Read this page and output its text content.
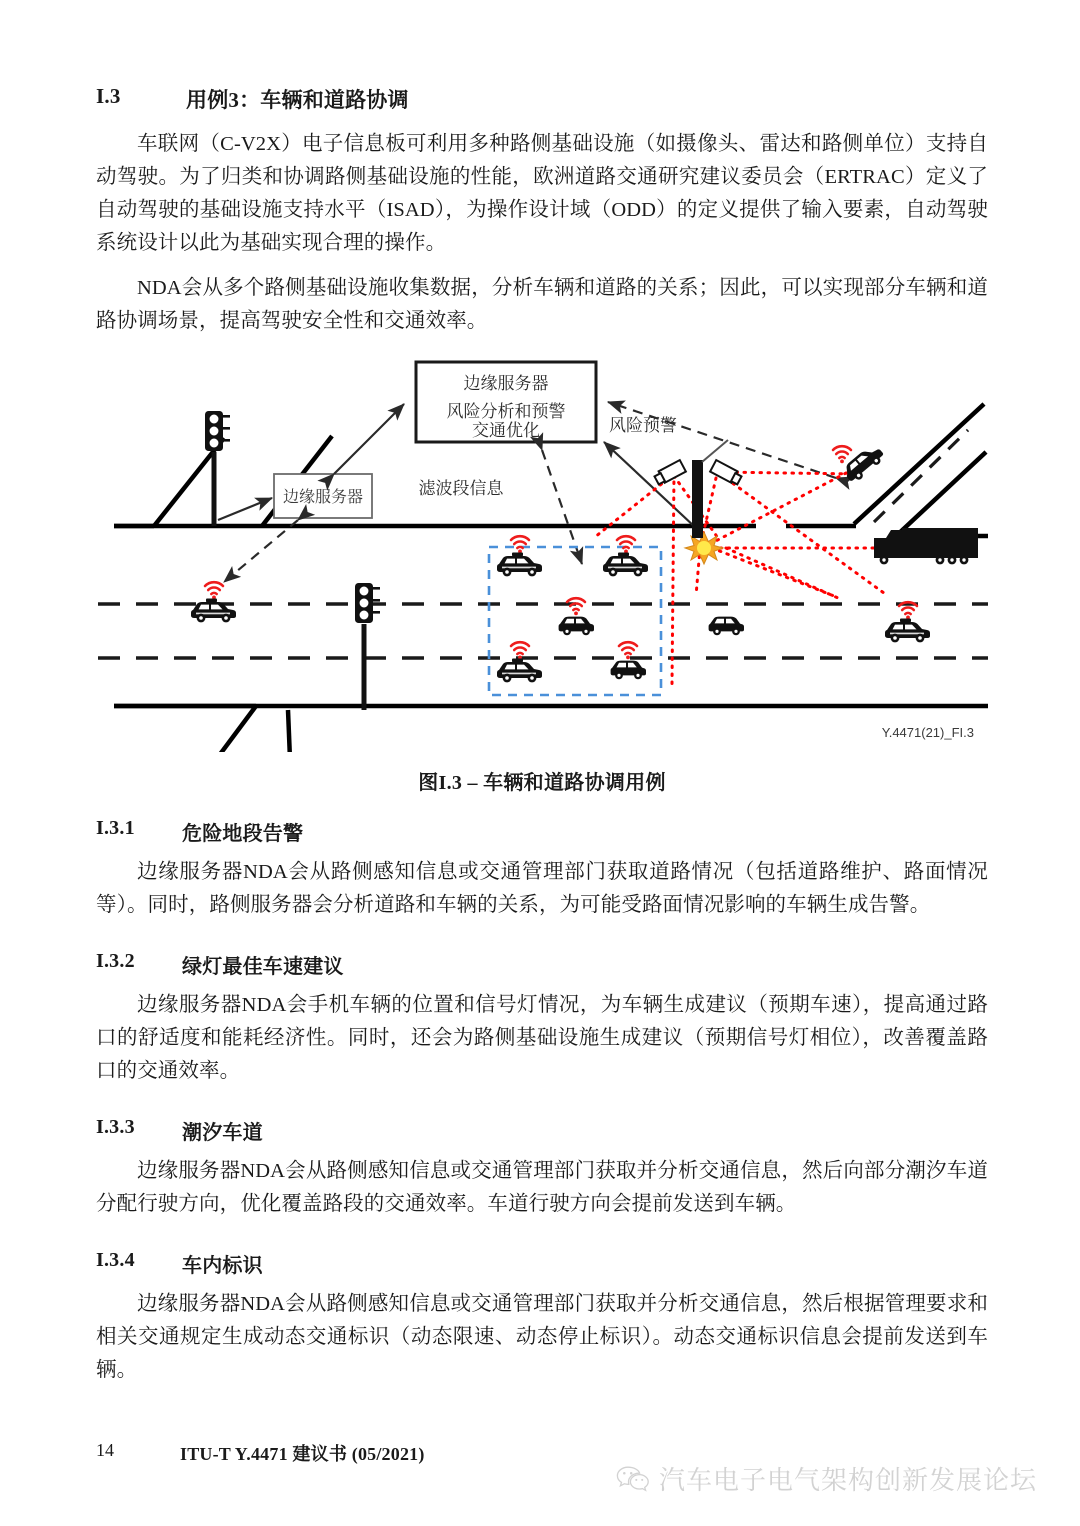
I.3	用例3：车辆和道路协调

车联网（C-V2X）电子信息板可利用多种路侧基础设施（如摄像头、雷达和路侧单位）支持自动驾驶。为了归类和协调路侧基础设施的性能，欧洲道路交通研究建议委员会（ERTRAC）定义了自动驾驶的基础设施支持水平（ISAD），为操作设计域（ODD）的定义提供了输入要素，自动驾驶系统设计以此为基础实现合理的操作。

NDA会从多个路侧基础设施收集数据，分析车辆和道路的关系；因此，可以实现部分车辆和道路协调场景，提高驾驶安全性和交通效率。

边缘服务器
风险分析和预警
交通优化
边缘服务器
风险预警
滤波段信息
Y.4471(21)_FI.3
图I.3 – 车辆和道路协调用例
I.3.1	危险地段告警

边缘服务器NDA会从路侧感知信息或交通管理部门获取道路情况（包括道路维护、路面情况等）。同时，路侧服务器会分析道路和车辆的关系，为可能受路面情况影响的车辆生成告警。

I.3.2	绿灯最佳车速建议

边缘服务器NDA会手机车辆的位置和信号灯情况，为车辆生成建议（预期车速），提高通过路口的舒适度和能耗经济性。同时，还会为路侧基础设施生成建议（预期信号灯相位），改善覆盖路口的交通效率。

I.3.3	潮汐车道

边缘服务器NDA会从路侧感知信息或交通管理部门获取并分析交通信息，然后向部分潮汐车道分配行驶方向，优化覆盖路段的交通效率。车道行驶方向会提前发送到车辆。

I.3.4	车内标识

边缘服务器NDA会从路侧感知信息或交通管理部门获取并分析交通信息，然后根据管理要求和相关交通规定生成动态交通标识（动态限速、动态停止标识）。动态交通标识信息会提前发送到车辆。

14	ITU-T Y.4471 建议书 (05/2021)
汽车电子电气架构创新发展论坛
